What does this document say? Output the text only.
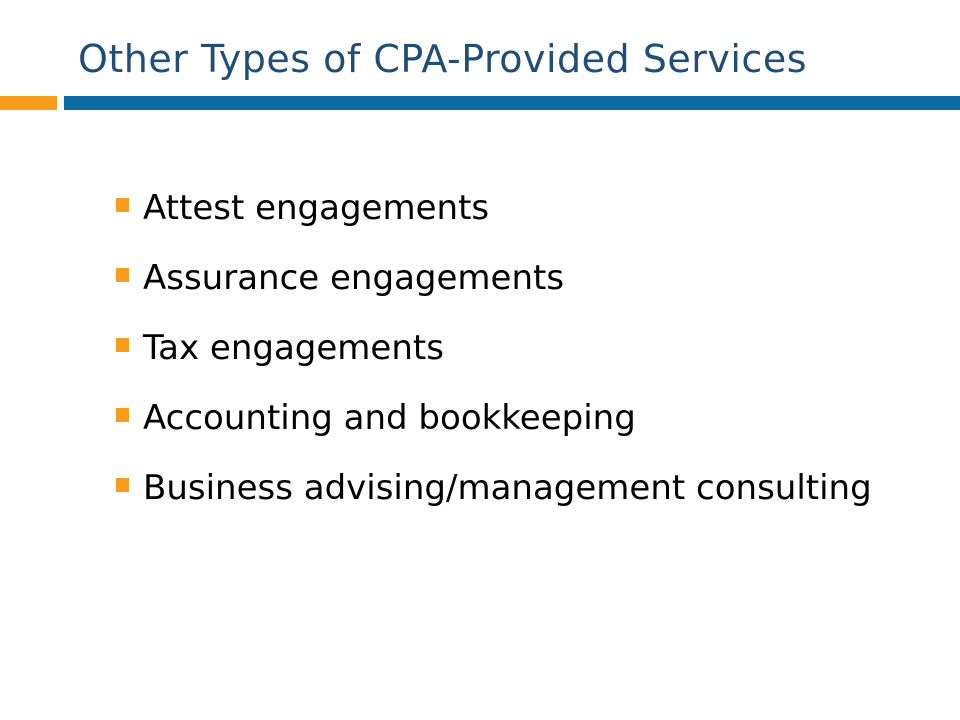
Other Types of CPA-Provided Services
Attest engagements
Assurance engagements
Tax engagements
Accounting and bookkeeping
Business advising/management consulting
